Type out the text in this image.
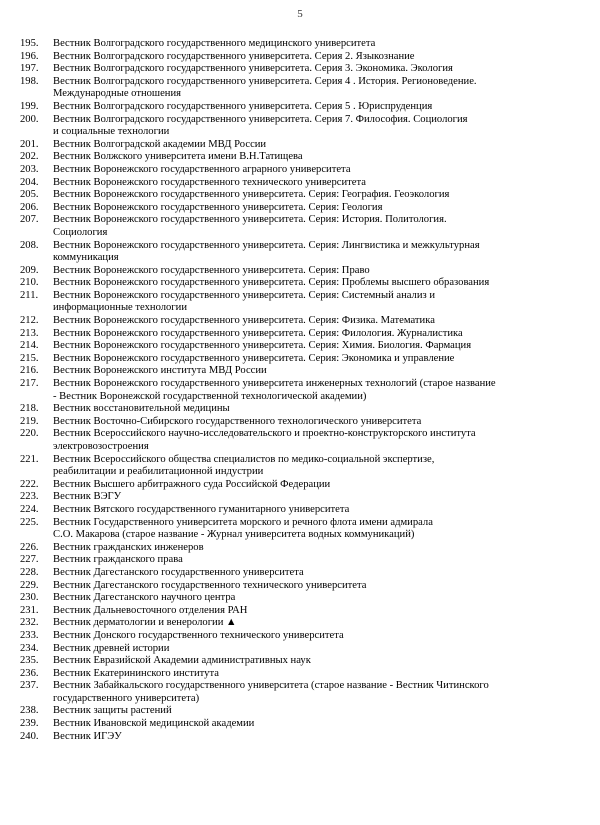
5
195.	Вестник Волгоградского государственного медицинского университета
196.	Вестник Волгоградского государственного университета. Серия 2. Языкознание
197.	Вестник Волгоградского государственного университета. Серия 3. Экономика. Экология
198.	Вестник Волгоградского государственного университета. Серия 4 . История. Регионоведение.
Международные отношения
199.	Вестник Волгоградского государственного университета. Серия 5 . Юриспруденция
200.	Вестник Волгоградского государственного университета. Серия 7. Философия. Социология
и социальные технологии
201.	Вестник Волгоградской академии МВД России
202.	Вестник Волжского университета имени В.Н.Татищева
203.	Вестник Воронежского государственного аграрного университета
204.	Вестник Воронежского государственного технического университета
205.	Вестник Воронежского государственного университета. Серия: География. Геоэкология
206.	Вестник Воронежского государственного университета. Серия: Геология
207.	Вестник Воронежского государственного университета. Серия: История. Политология.
Социология
208.	Вестник Воронежского государственного университета. Серия: Лингвистика и межкультурная
коммуникация
209.	Вестник Воронежского государственного университета. Серия: Право
210.	Вестник Воронежского государственного университета. Серия: Проблемы высшего образования
211.	Вестник Воронежского государственного университета. Серия: Системный анализ и
информационные технологии
212.	Вестник Воронежского государственного университета. Серия: Физика. Математика
213.	Вестник Воронежского государственного университета. Серия: Филология. Журналистика
214.	Вестник Воронежского государственного университета. Серия: Химия. Биология. Фармация
215.	Вестник Воронежского государственного университета. Серия: Экономика и управление
216.	Вестник Воронежского института МВД России
217.	Вестник Воронежского государственного университета инженерных технологий (старое название
- Вестник Воронежской государственной технологической академии)
218.	Вестник восстановительной медицины
219.	Вестник Восточно-Сибирского государственного технологического университета
220.	Вестник Всероссийского научно-исследовательского и проектно-конструкторского института
электровозостроения
221.	Вестник Всероссийского общества специалистов по медико-социальной экспертизе,
реабилитации и реабилитационной индустрии
222.	Вестник Высшего арбитражного суда Российской Федерации
223.	Вестник ВЭГУ
224.	Вестник Вятского государственного гуманитарного университета
225.	Вестник Государственного университета морского и речного флота имени адмирала
С.О. Макарова (старое название - Журнал университета водных коммуникаций)
226.	Вестник гражданских инженеров
227.	Вестник гражданского права
228.	Вестник Дагестанского государственного университета
229.	Вестник Дагестанского государственного технического университета
230.	Вестник Дагестанского научного центра
231.	Вестник Дальневосточного отделения РАН
232.	Вестник дерматологии и венерологии ▲
233.	Вестник Донского государственного технического университета
234.	Вестник древней истории
235.	Вестник Евразийской Академии административных наук
236.	Вестник Екатерининского института
237.	Вестник Забайкальского государственного университета (старое название - Вестник Читинского
государственного университета)
238.	Вестник защиты растений
239.	Вестник Ивановской медицинской академии
240.	Вестник ИГЭУ
